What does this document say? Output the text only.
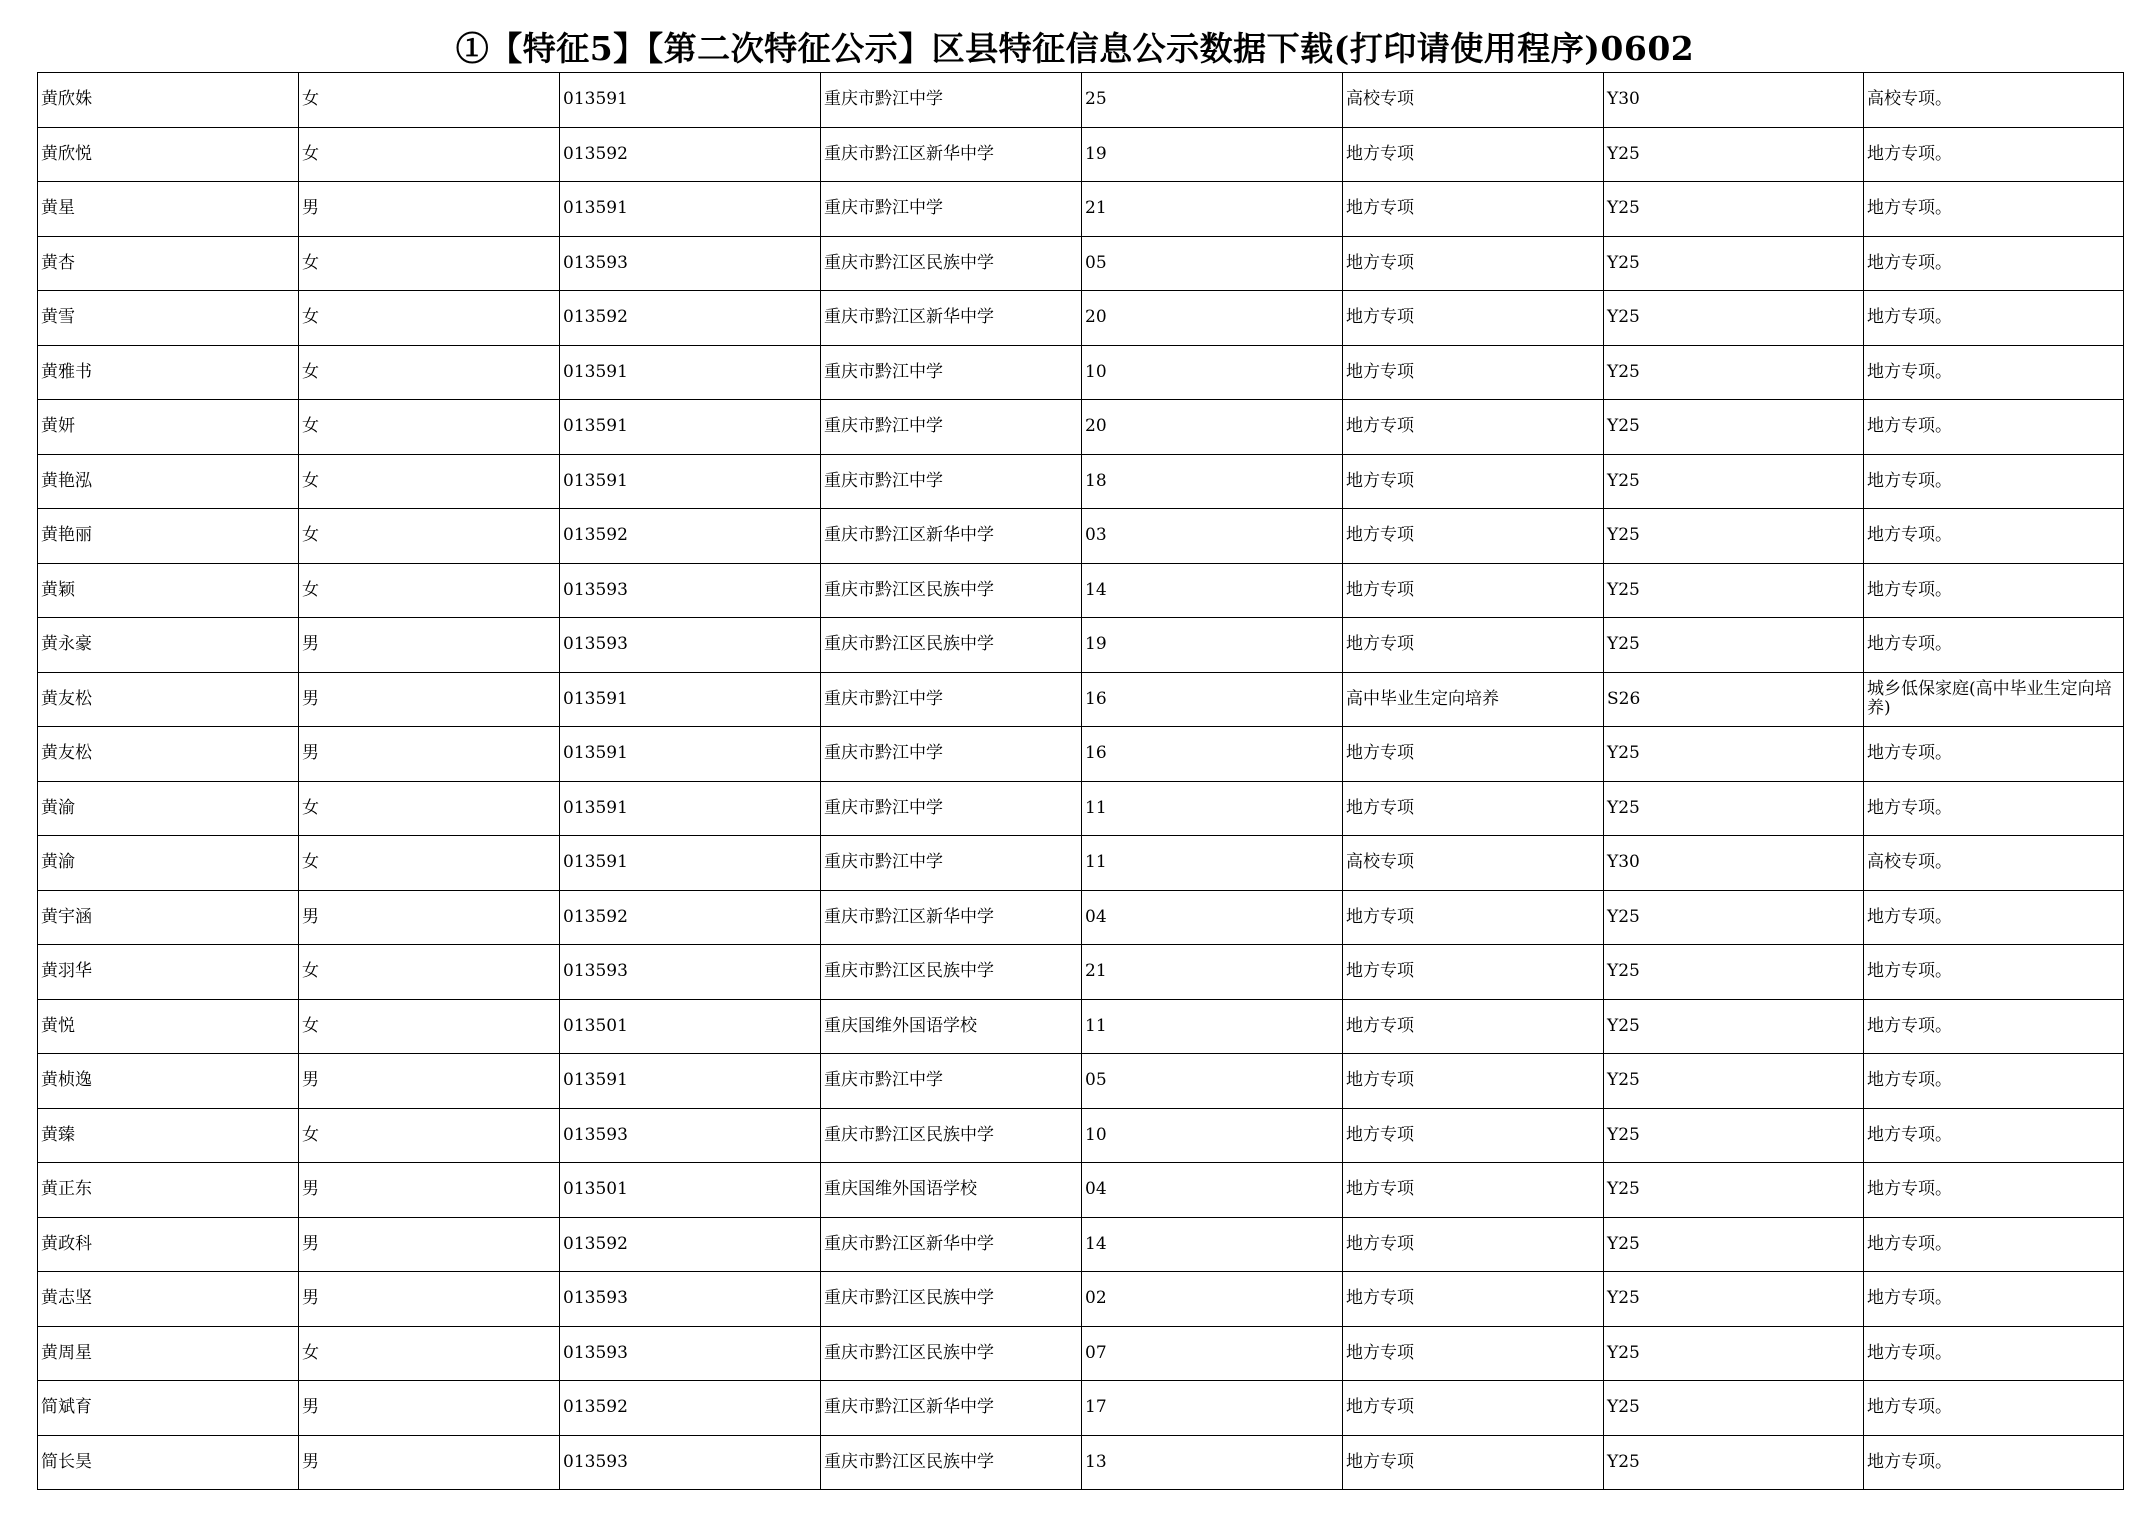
①【特征5】【第二次特征公示】区县特征信息公示数据下载(打印请使用程序)0602
黄欣姝	女	013591	重庆市黔江中学	25	高校专项	Y30	高校专项。
黄欣悦	女	013592	重庆市黔江区新华中学	19	地方专项	Y25	地方专项。
黄星	男	013591	重庆市黔江中学	21	地方专项	Y25	地方专项。
黄杏	女	013593	重庆市黔江区民族中学	05	地方专项	Y25	地方专项。
黄雪	女	013592	重庆市黔江区新华中学	20	地方专项	Y25	地方专项。
黄雅书	女	013591	重庆市黔江中学	10	地方专项	Y25	地方专项。
黄妍	女	013591	重庆市黔江中学	20	地方专项	Y25	地方专项。
黄艳泓	女	013591	重庆市黔江中学	18	地方专项	Y25	地方专项。
黄艳丽	女	013592	重庆市黔江区新华中学	03	地方专项	Y25	地方专项。
黄颖	女	013593	重庆市黔江区民族中学	14	地方专项	Y25	地方专项。
黄永豪	男	013593	重庆市黔江区民族中学	19	地方专项	Y25	地方专项。
黄友松	男	013591	重庆市黔江中学	16	高中毕业生定向培养	S26	城乡低保家庭(高中毕业生定向培养)
黄友松	男	013591	重庆市黔江中学	16	地方专项	Y25	地方专项。
黄渝	女	013591	重庆市黔江中学	11	地方专项	Y25	地方专项。
黄渝	女	013591	重庆市黔江中学	11	高校专项	Y30	高校专项。
黄宇涵	男	013592	重庆市黔江区新华中学	04	地方专项	Y25	地方专项。
黄羽华	女	013593	重庆市黔江区民族中学	21	地方专项	Y25	地方专项。
黄悦	女	013501	重庆国维外国语学校	11	地方专项	Y25	地方专项。
黄桢逸	男	013591	重庆市黔江中学	05	地方专项	Y25	地方专项。
黄臻	女	013593	重庆市黔江区民族中学	10	地方专项	Y25	地方专项。
黄正东	男	013501	重庆国维外国语学校	04	地方专项	Y25	地方专项。
黄政科	男	013592	重庆市黔江区新华中学	14	地方专项	Y25	地方专项。
黄志坚	男	013593	重庆市黔江区民族中学	02	地方专项	Y25	地方专项。
黄周星	女	013593	重庆市黔江区民族中学	07	地方专项	Y25	地方专项。
简斌育	男	013592	重庆市黔江区新华中学	17	地方专项	Y25	地方专项。
简长昊	男	013593	重庆市黔江区民族中学	13	地方专项	Y25	地方专项。
